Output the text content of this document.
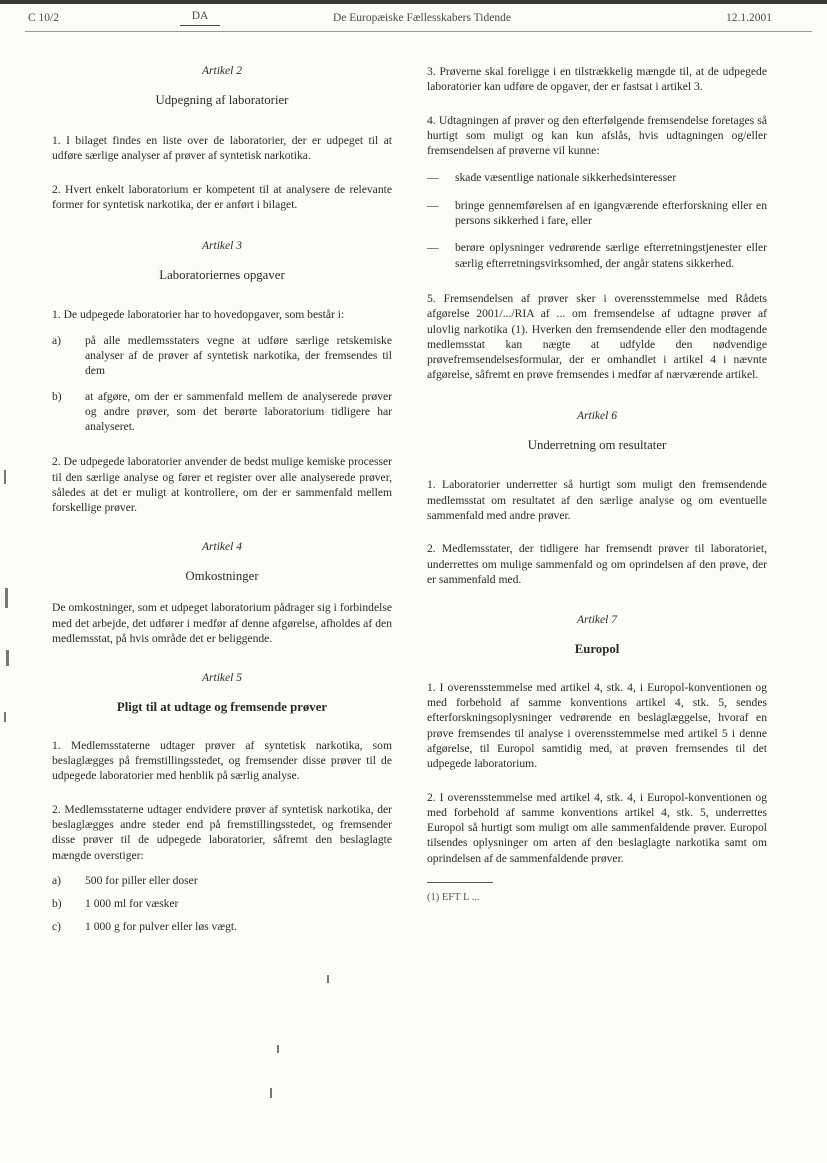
C 10/2	DA	De Europæiske Fællesskabers Tidende	12.1.2001

Artikel 2

Udpegning af laboratorier

1. I bilaget findes en liste over de laboratorier, der er udpeget til at udføre særlige analyser af prøver af syntetisk narkotika.

2. Hvert enkelt laboratorium er kompetent til at analysere de relevante former for syntetisk narkotika, der er anført i bilaget.

Artikel 3

Laboratoriernes opgaver

1. De udpegede laboratorier har to hovedopgaver, som består i:

a) på alle medlemsstaters vegne at udføre særlige retskemiske analyser af de prøver af syntetisk narkotika, der fremsendes til dem
b) at afgøre, om der er sammenfald mellem de analyserede prøver og andre prøver, som det berørte laboratorium tidligere har analyseret.

2. De udpegede laboratorier anvender de bedst mulige kemiske processer til den særlige analyse og fører et register over alle analyserede prøver, således at det er muligt at kontrollere, om der er sammenfald mellem forskellige prøver.

Artikel 4

Omkostninger

De omkostninger, som et udpeget laboratorium pådrager sig i forbindelse med det arbejde, det udfører i medfør af denne afgørelse, afholdes af den medlemsstat, på hvis område det er beliggende.

Artikel 5

Pligt til at udtage og fremsende prøver

1. Medlemsstaterne udtager prøver af syntetisk narkotika, som beslaglægges på fremstillingsstedet, og fremsender disse prøver til de udpegede laboratorier med henblik på særlig analyse.

2. Medlemsstaterne udtager endvidere prøver af syntetisk narkotika, der beslaglægges andre steder end på fremstillingsstedet, og fremsender disse prøver til de udpegede laboratorier, såfremt den beslaglagte mængde overstiger:

a) 500 for piller eller doser
b) 1 000 ml for væsker
c) 1 000 g for pulver eller løs vægt.

3. Prøverne skal foreligge i en tilstrækkelig mængde til, at de udpegede laboratorier kan udføre de opgaver, der er fastsat i artikel 3.

4. Udtagningen af prøver og den efterfølgende fremsendelse foretages så hurtigt som muligt og kan kun afslås, hvis udtagningen og/eller fremsendelsen af prøverne vil kunne:

— skade væsentlige nationale sikkerhedsinteresser
— bringe gennemførelsen af en igangværende efterforskning eller en persons sikkerhed i fare, eller
— berøre oplysninger vedrørende særlige efterretningstjenester eller særlig efterretningsvirksomhed, der angår statens sikkerhed.

5. Fremsendelsen af prøver sker i overensstemmelse med Rådets afgørelse 2001/.../RIA af ... om fremsendelse af udtagne prøver af ulovlig narkotika (1). Hverken den fremsendende eller den modtagende medlemsstat kan nægte at udfylde den nødvendige prøvefremsendelsesformular, der er omhandlet i artikel 4 i nævnte afgørelse, såfremt en prøve fremsendes i medfør af nærværende artikel.

Artikel 6

Underretning om resultater

1. Laboratorier underretter så hurtigt som muligt den fremsendende medlemsstat om resultatet af den særlige analyse og om eventuelle sammenfald med andre prøver.

2. Medlemsstater, der tidligere har fremsendt prøver til laboratoriet, underrettes om mulige sammenfald og om oprindelsen af den prøve, der er sammenfald med.

Artikel 7

Europol

1. I overensstemmelse med artikel 4, stk. 4, i Europol-konventionen og med forbehold af samme konventions artikel 4, stk. 5, sendes efterforskningsoplysninger vedrørende en beslaglæggelse, hvoraf en prøve fremsendes til analyse i overensstemmelse med artikel 5 i denne afgørelse, til Europol samtidig med, at prøven fremsendes til det udpegede laboratorium.

2. I overensstemmelse med artikel 4, stk. 4, i Europol-konventionen og med forbehold af samme konventions artikel 4, stk. 5, underrettes Europol så hurtigt som muligt om alle sammenfaldende prøver. Europol tilsendes oplysninger om arten af den beslaglagte narkotika samt om oprindelsen af de sammenfaldende prøver.

(1) EFT L ...
